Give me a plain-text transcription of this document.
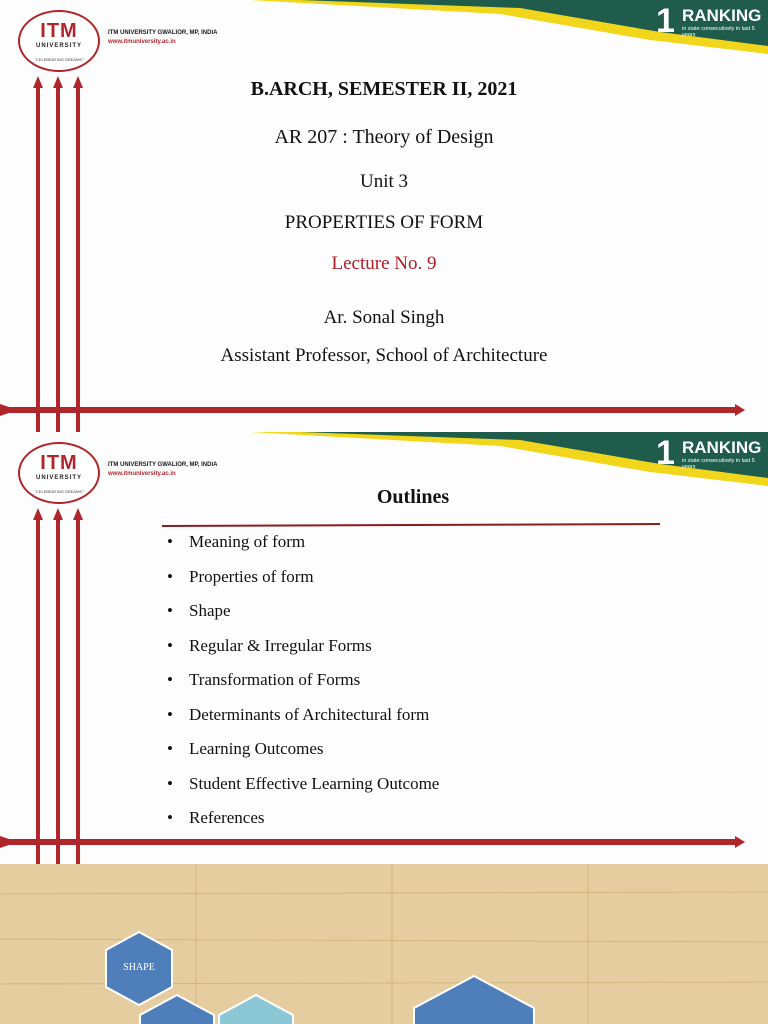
ITM
UNIVERSITY
"CELEBRATING DREAMS"
ITM UNIVERSITY GWALIOR, MP, INDIA
www.itmuniversity.ac.in
1 RANKING
in state consecutively in last 5 years
B.ARCH, SEMESTER II, 2021
AR 207 : Theory of Design
Unit 3
PROPERTIES OF FORM
Lecture No. 9
Ar. Sonal Singh
Assistant Professor, School of Architecture
ITM
UNIVERSITY
"CELEBRATING DREAMS"
ITM UNIVERSITY GWALIOR, MP, INDIA
www.itmuniversity.ac.in
1 RANKING
in state consecutively in last 5 years
Outlines
• Meaning of form
• Properties of form
• Shape
• Regular & Irregular Forms
• Transformation of Forms
• Determinants of Architectural form
• Learning Outcomes
• Student Effective Learning Outcome
• References
SHAPE
